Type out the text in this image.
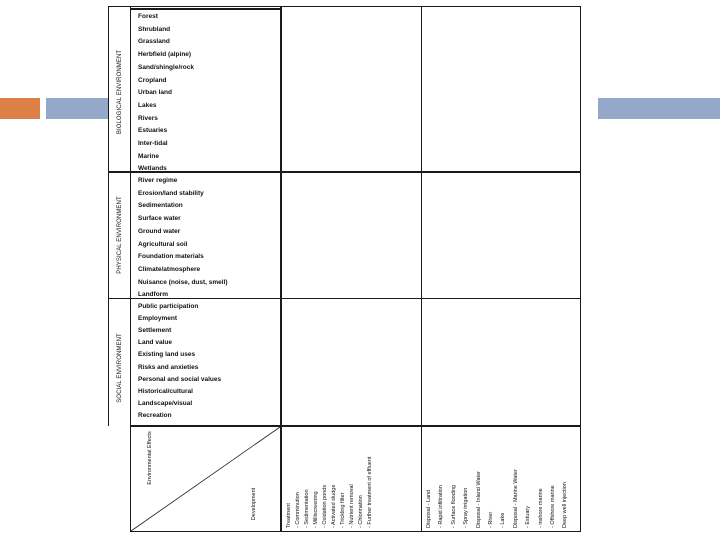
Environmental Effects
Development
BIOLOGICAL ENVIRONMENT
PHYSICAL ENVIRONMENT
SOCIAL ENVIRONMENT
Forest
Shrubland
Grassland
Herbfield (alpine)
Sand/shingle/rock
Cropland
Urban land
Lakes
Rivers
Estuaries
Inter-tidal
Marine
Wetlands
River regime
Erosion/land stability
Sedimentation
Surface water
Ground water
Agricultural soil
Foundation materials
Climate/atmosphere
Nuisance (noise, dust, smell)
Landform
Public participation
Employment
Settlement
Land value
Existing land uses
Risks and anxieties
Personal and social values
Historical/cultural
Landscape/visual
Recreation
Treatment - Comminution - Sedimentation - Milliscreening - Oxidation ponds - Activated sludge - Trickling filter - Nutrient removal - Chlorination - Further treatment of effluent	Disposal - Land - Rapid infiltration - Surface flooding - Spray irrigation Disposal - Inland Water - River - Lake Disposal - Marine Water - Estuary - inshore marine - Offshore marine Deep well injection
